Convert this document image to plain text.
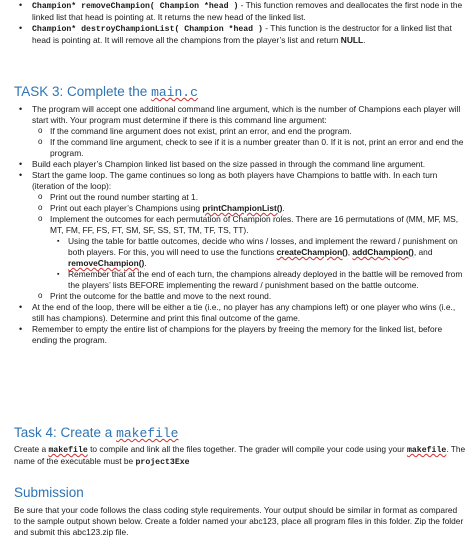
• Champion* removeChampion( Champion *head ) - This function removes and deallocates the first node in the linked list that head is pointing at. It returns the new head of the linked list.
• Champion* destroyChampionList( Champion *head ) - This function is the destructor for a linked list that head is pointing at. It will remove all the champions from the player’s list and return NULL.
TASK 3: Complete the main.c
• The program will accept one additional command line argument, which is the number of Champions each player will start with. Your program must determine if there is this command line argument:
o If the command line argument does not exist, print an error, and end the program.
o If the command line argument, check to see if it is a number greater than 0. If it is not, print an error and end the program.
• Build each player’s Champion linked list based on the size passed in through the command line argument.
• Start the game loop. The game continues so long as both players have Champions to battle with. In each turn (iteration of the loop):
o Print out the round number starting at 1.
o Print out each player’s Champions using printChampionList().
o Implement the outcomes for each permutation of Champion roles. There are 16 permutations of (MM, MF, MS, MT, FM, FF, FS, FT, SM, SF, SS, ST, TM, TF, TS, TT).
▪ Using the table for battle outcomes, decide who wins / losses, and implement the reward / punishment on both players. For this, you will need to use the functions createChampion(), addChampion(), and removeChampion().
▪ Remember that at the end of each turn, the champions already deployed in the battle will be removed from the players’ lists BEFORE implementing the reward / punishment based on the battle outcome.
o Print the outcome for the battle and move to the next round.
• At the end of the loop, there will be either a tie (i.e., no player has any champions left) or one player who wins (i.e., still has champions). Determine and print this final outcome of the game.
• Remember to empty the entire list of champions for the players by freeing the memory for the linked list, before ending the program.
Task 4: Create a makefile
Create a makefile to compile and link all the files together. The grader will compile your code using your makefile. The name of the executable must be project3Exe
Submission
Be sure that your code follows the class coding style requirements. Your output should be similar in format as compared to the sample output shown below. Create a folder named your abc123, place all program files in this folder. Zip the folder and submit this abc123.zip file.
